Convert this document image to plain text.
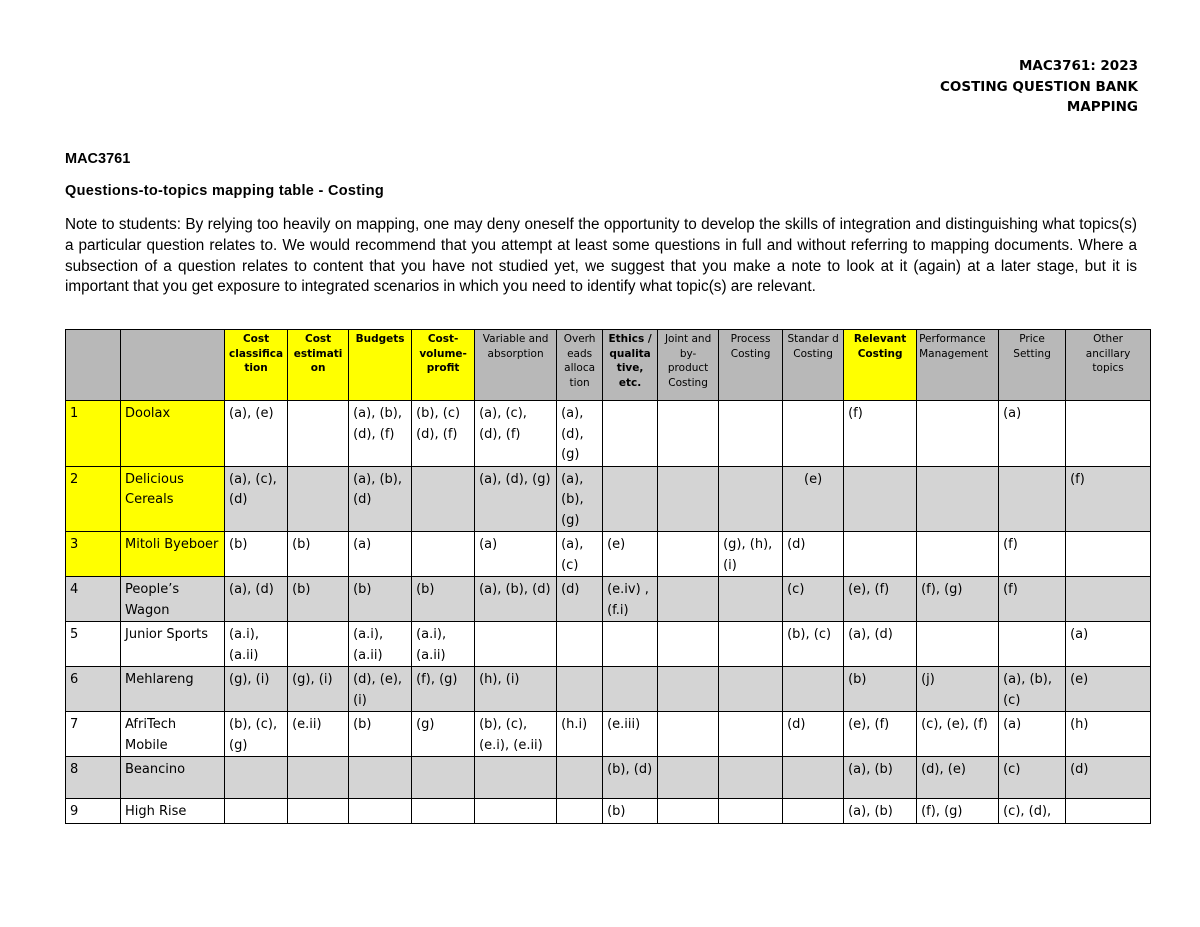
MAC3761: 2023
COSTING QUESTION BANK
MAPPING
MAC3761
Questions-to-topics mapping table - Costing
Note to students: By relying too heavily on mapping, one may deny oneself the opportunity to develop the skills of integration and distinguishing what topics(s) a particular question relates to. We would recommend that you attempt at least some questions in full and without referring to mapping documents. Where a subsection of a question relates to content that you have not studied yet, we suggest that you make a note to look at it (again) at a later stage, but it is important that you get exposure to integrated scenarios in which you need to identify what topic(s) are relevant.
		Cost classifica tion	Cost estimati on	Budgets	Cost-volume-profit	Variable and absorption	Overh eads alloca tion	Ethics / qualita tive, etc.	Joint and by-product Costing	Process Costing	Standar d Costing	Relevant Costing	Performance Management	Price Setting	Other ancillary topics
1	Doolax	(a), (e)		(a), (b), (d), (f)	(b), (c) (d), (f)	(a), (c), (d), (f)	(a), (d), (g)					(f)		(a)	
2	Delicious Cereals	(a), (c), (d)		(a), (b), (d)		(a), (d), (g)	(a), (b), (g)				(e)				(f)
3	Mitoli Byeboer	(b)	(b)	(a)		(a)	(a), (c)	(e)		(g), (h), (i)	(d)			(f)	
4	People’s Wagon	(a), (d)	(b)	(b)	(b)	(a), (b), (d)	(d)	(e.iv) , (f.i)			(c)	(e), (f)	(f), (g)	(f)	
5	Junior Sports	(a.i), (a.ii)		(a.i), (a.ii)	(a.i), (a.ii)						(b), (c)	(a), (d)			(a)
6	Mehlareng	(g), (i)	(g), (i)	(d), (e), (i)	(f), (g)	(h), (i)						(b)	(j)	(a), (b), (c)	(e)
7	AfriTech Mobile	(b), (c), (g)	(e.ii)	(b)	(g)	(b), (c), (e.i), (e.ii)	(h.i)	(e.iii)			(d)	(e), (f)	(c), (e), (f)	(a)	(h)
8	Beancino							(b), (d)				(a), (b)	(d), (e)	(c)	(d)
9	High Rise							(b)				(a), (b)	(f), (g)	(c), (d),	
